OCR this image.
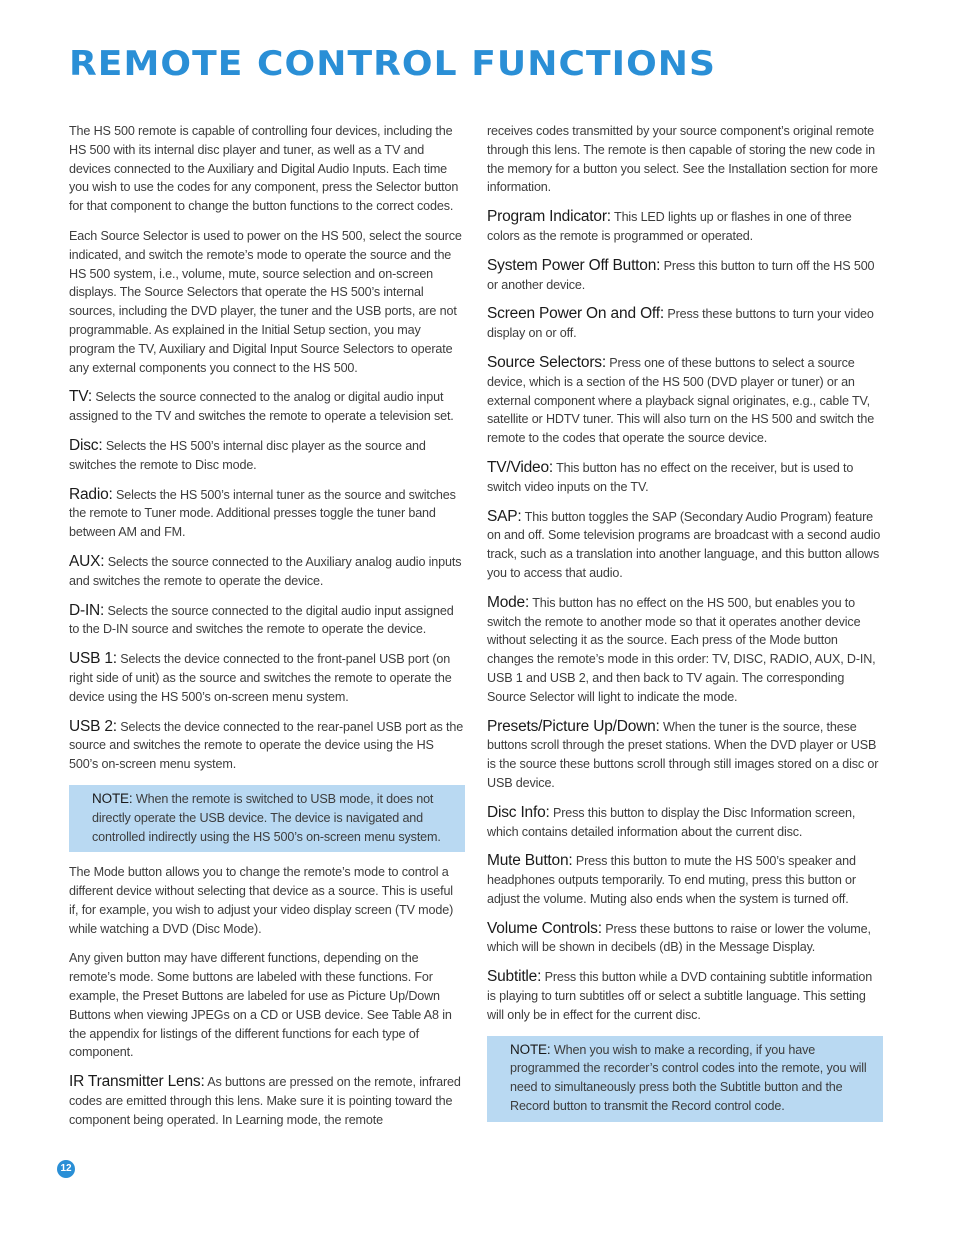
REMOTE CONTROL FUNCTIONS

The HS 500 remote is capable of controlling four devices, including the HS 500 with its internal disc player and tuner, as well as a TV and devices connected to the Auxiliary and Digital Audio Inputs. Each time you wish to use the codes for any component, press the Selector button for that component to change the button functions to the correct codes.

Each Source Selector is used to power on the HS 500, select the source indicated, and switch the remote’s mode to operate the source and the HS 500 system, i.e., volume, mute, source selection and on-screen displays. The Source Selectors that operate the HS 500’s internal sources, including the DVD player, the tuner and the USB ports, are not programmable. As explained in the Initial Setup section, you may program the TV, Auxiliary and Digital Input Source Selectors to operate any external components you connect to the HS 500.

TV: Selects the source connected to the analog or digital audio input assigned to the TV and switches the remote to operate a television set.

Disc: Selects the HS 500’s internal disc player as the source and switches the remote to Disc mode.

Radio: Selects the HS 500’s internal tuner as the source and switches the remote to Tuner mode. Additional presses toggle the tuner band between AM and FM.

AUX: Selects the source connected to the Auxiliary analog audio inputs and switches the remote to operate the device.

D-IN: Selects the source connected to the digital audio input assigned to the D-IN source and switches the remote to operate the device.

USB 1: Selects the device connected to the front-panel USB port (on right side of unit) as the source and switches the remote to operate the device using the HS 500’s on-screen menu system.

USB 2: Selects the device connected to the rear-panel USB port as the source and switches the remote to operate the device using the HS 500’s on-screen menu system.

NOTE: When the remote is switched to USB mode, it does not directly operate the USB device. The device is navigated and controlled indirectly using the HS 500’s on-screen menu system.

The Mode button allows you to change the remote’s mode to control a different device without selecting that device as a source. This is useful if, for example, you wish to adjust your video display screen (TV mode) while watching a DVD (Disc Mode).

Any given button may have different functions, depending on the remote’s mode. Some buttons are labeled with these functions. For example, the Preset Buttons are labeled for use as Picture Up/Down Buttons when viewing JPEGs on a CD or USB device. See Table A8 in the appendix for listings of the different functions for each type of component.

IR Transmitter Lens: As buttons are pressed on the remote, infrared codes are emitted through this lens. Make sure it is pointing toward the component being operated. In Learning mode, the remote

receives codes transmitted by your source component’s original remote through this lens. The remote is then capable of storing the new code in the memory for a button you select. See the Installation section for more information.

Program Indicator: This LED lights up or flashes in one of three colors as the remote is programmed or operated.

System Power Off Button: Press this button to turn off the HS 500 or another device.

Screen Power On and Off: Press these buttons to turn your video display on or off.

Source Selectors: Press one of these buttons to select a source device, which is a section of the HS 500 (DVD player or tuner) or an external component where a playback signal originates, e.g., cable TV, satellite or HDTV tuner. This will also turn on the HS 500 and switch the remote to the codes that operate the source device.

TV/Video: This button has no effect on the receiver, but is used to switch video inputs on the TV.

SAP: This button toggles the SAP (Secondary Audio Program) feature on and off. Some television programs are broadcast with a second audio track, such as a translation into another language, and this button allows you to access that audio.

Mode: This button has no effect on the HS 500, but enables you to switch the remote to another mode so that it operates another device without selecting it as the source. Each press of the Mode button changes the remote’s mode in this order: TV, DISC, RADIO, AUX, D-IN, USB 1 and USB 2, and then back to TV again. The corresponding Source Selector will light to indicate the mode.

Presets/Picture Up/Down: When the tuner is the source, these buttons scroll through the preset stations. When the DVD player or USB is the source these buttons scroll through still images stored on a disc or USB device.

Disc Info: Press this button to display the Disc Information screen, which contains detailed information about the current disc.

Mute Button: Press this button to mute the HS 500’s speaker and headphones outputs temporarily. To end muting, press this button or adjust the volume. Muting also ends when the system is turned off.

Volume Controls: Press these buttons to raise or lower the volume, which will be shown in decibels (dB) in the Message Display.

Subtitle: Press this button while a DVD containing subtitle information is playing to turn subtitles off or select a subtitle language. This setting will only be in effect for the current disc.

NOTE: When you wish to make a recording, if you have programmed the recorder’s control codes into the remote, you will need to simultaneously press both the Subtitle button and the Record button to transmit the Record control code.
12
